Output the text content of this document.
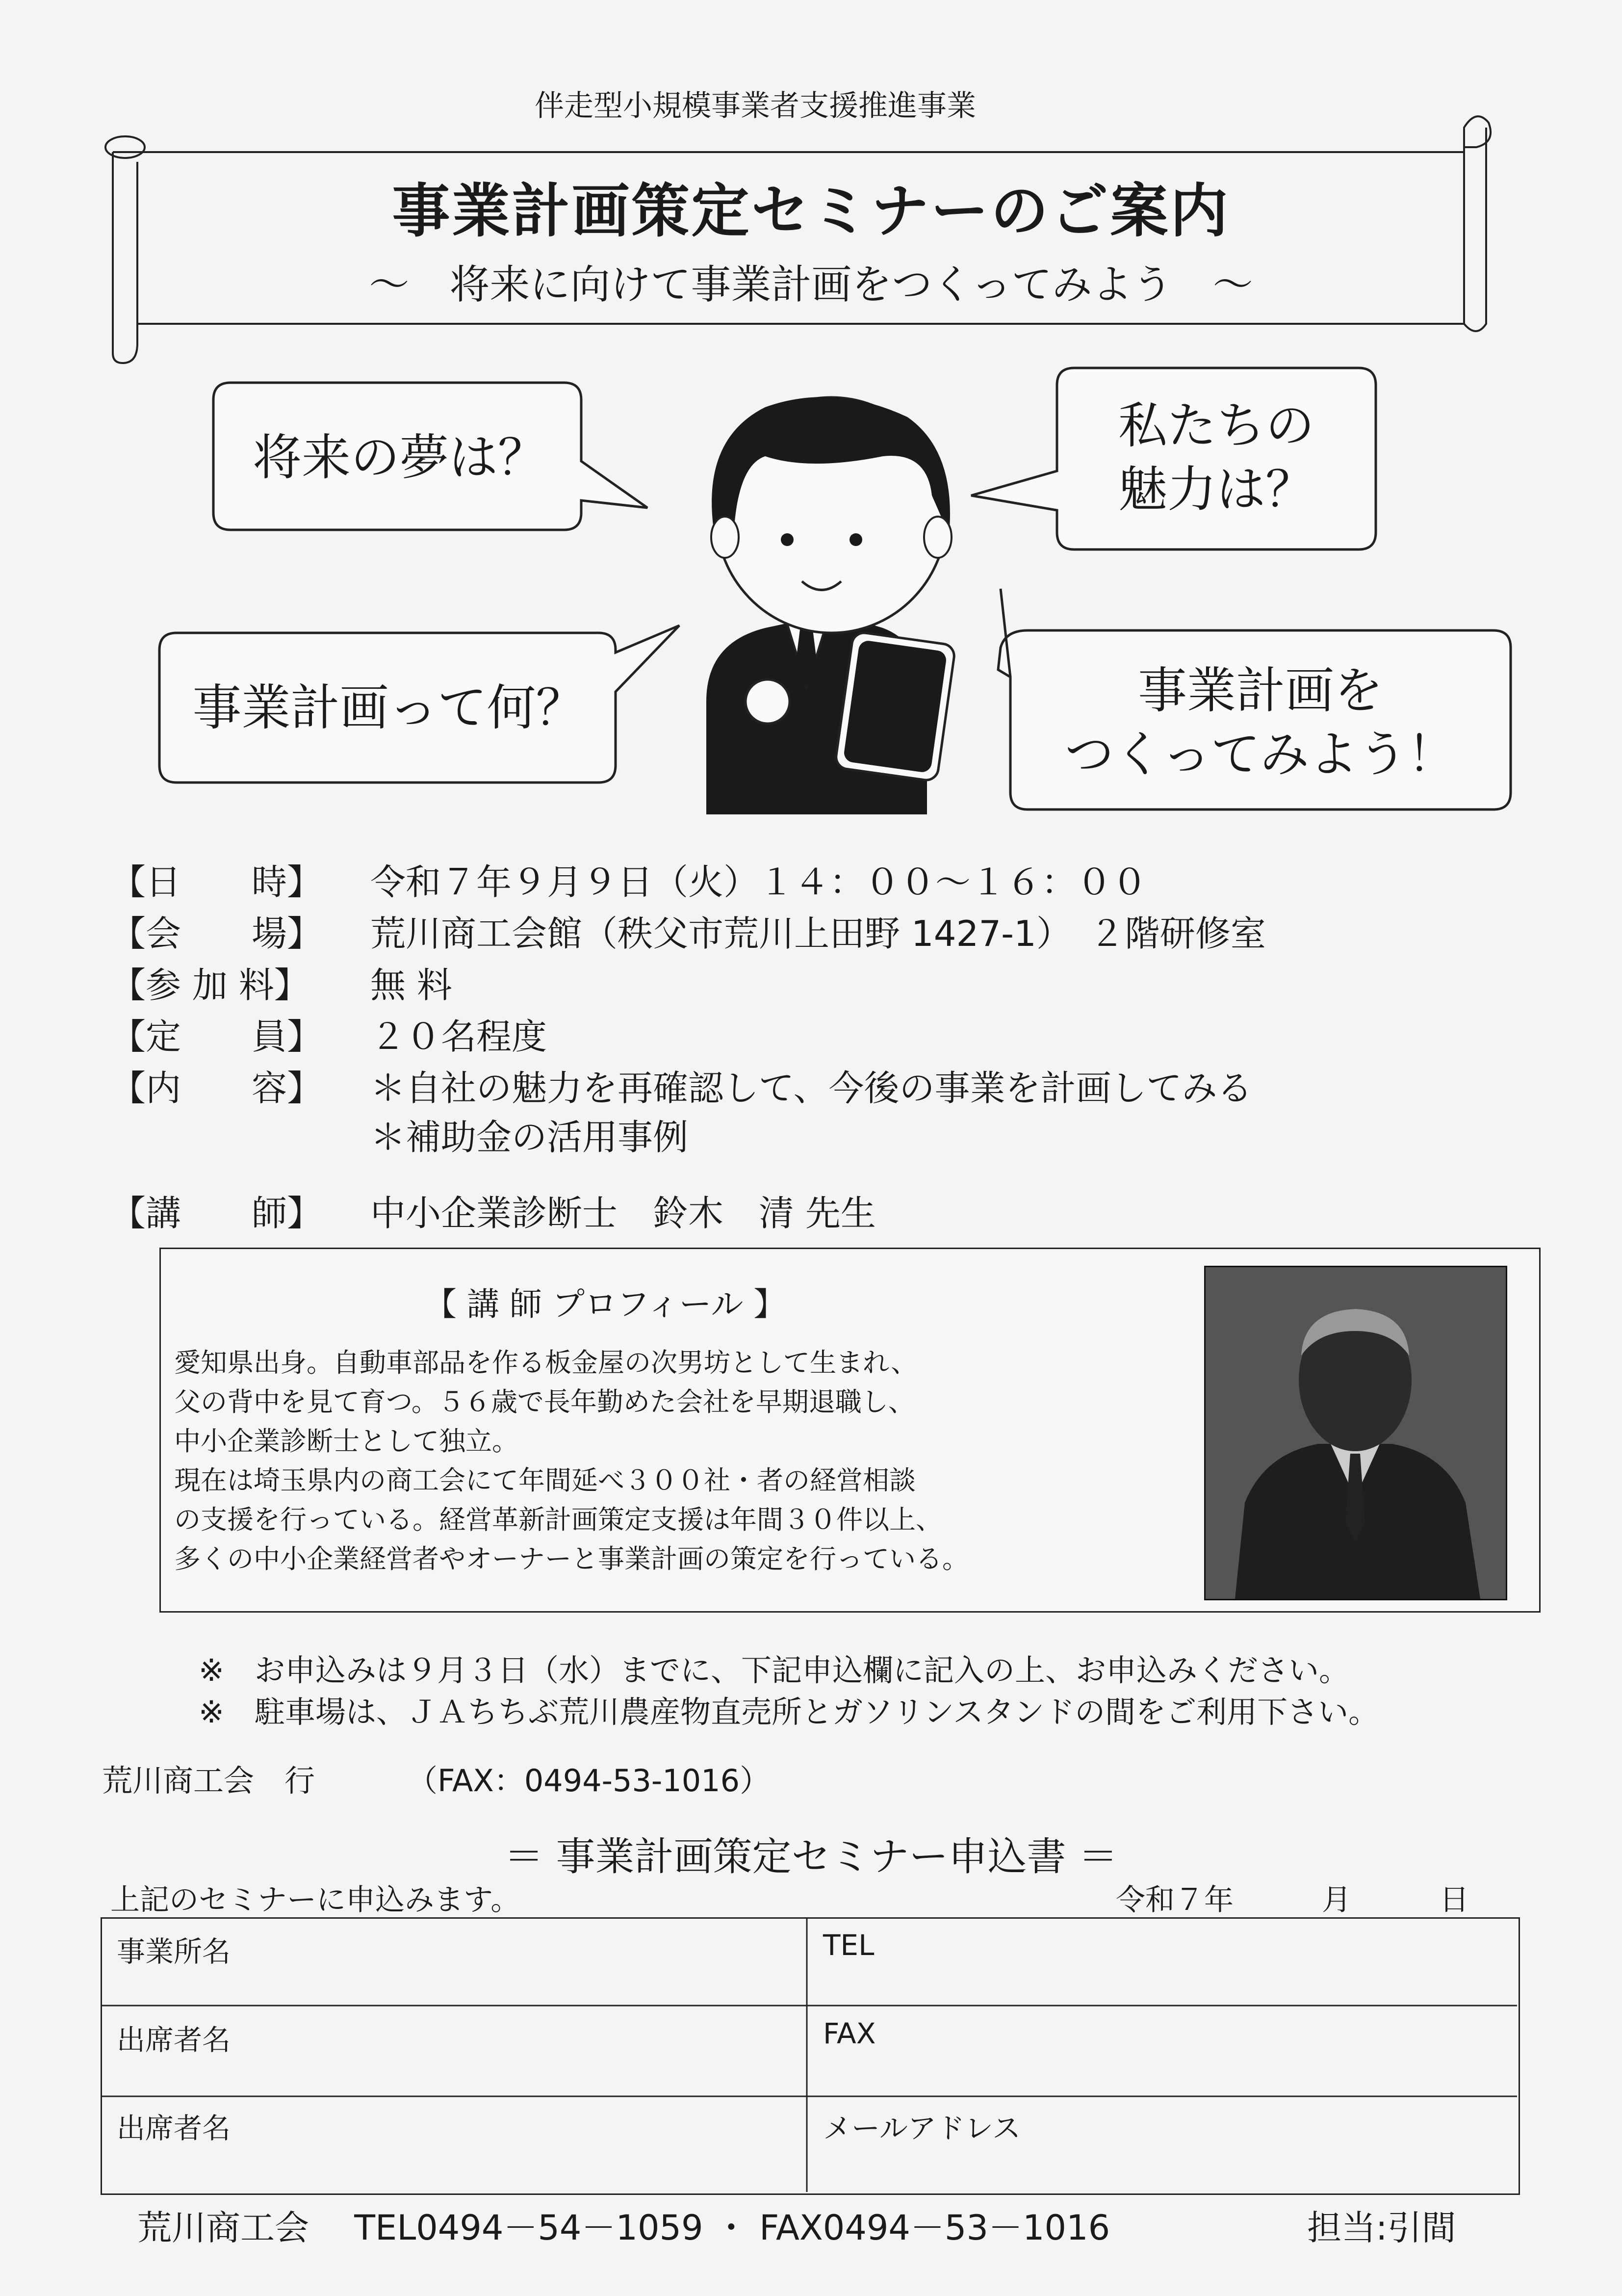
伴走型小規模事業者支援推進事業
事業計画策定セミナーのご案内
～　将来に向けて事業計画をつくってみよう　～
将来の夢は？
私たちの
魅力は？
事業計画って何？	事業計画を
つくってみよう！
【日　　時】 令和７年９月９日（火）１４：００～１６：００
【会　　場】 荒川商工会館（秩父市荒川上田野 1427-1）　２階研修室
【参 加 料】 無 料
【定　　員】 ２０名程度
【内　　容】 ＊自社の魅力を再確認して、今後の事業を計画してみる
＊補助金の活用事例
【講　　師】 中小企業診断士　鈴木　清 先生
【 講 師 プロフィール 】
愛知県出身。自動車部品を作る板金屋の次男坊として生まれ、
父の背中を見て育つ。５６歳で長年勤めた会社を早期退職し、
中小企業診断士として独立。
現在は埼玉県内の商工会にて年間延べ３００社・者の経営相談
の支援を行っている。経営革新計画策定支援は年間３０件以上、
多くの中小企業経営者やオーナーと事業計画の策定を行っている。
※　お申込みは９月３日（水）までに、下記申込欄に記入の上、お申込みください。
※　駐車場は、ＪＡちちぶ荒川農産物直売所とガソリンスタンドの間をご利用下さい。
荒川商工会　行	（FAX：0494-53-1016）
＝ 事業計画策定セミナー申込書 ＝
上記のセミナーに申込みます。	令和７年　　　月　　　日
事業所名	TEL
出席者名	FAX
出席者名	メールアドレス
荒川商工会　 TEL0494－54－1059 ・ FAX0494－53－1016	担当:引間
